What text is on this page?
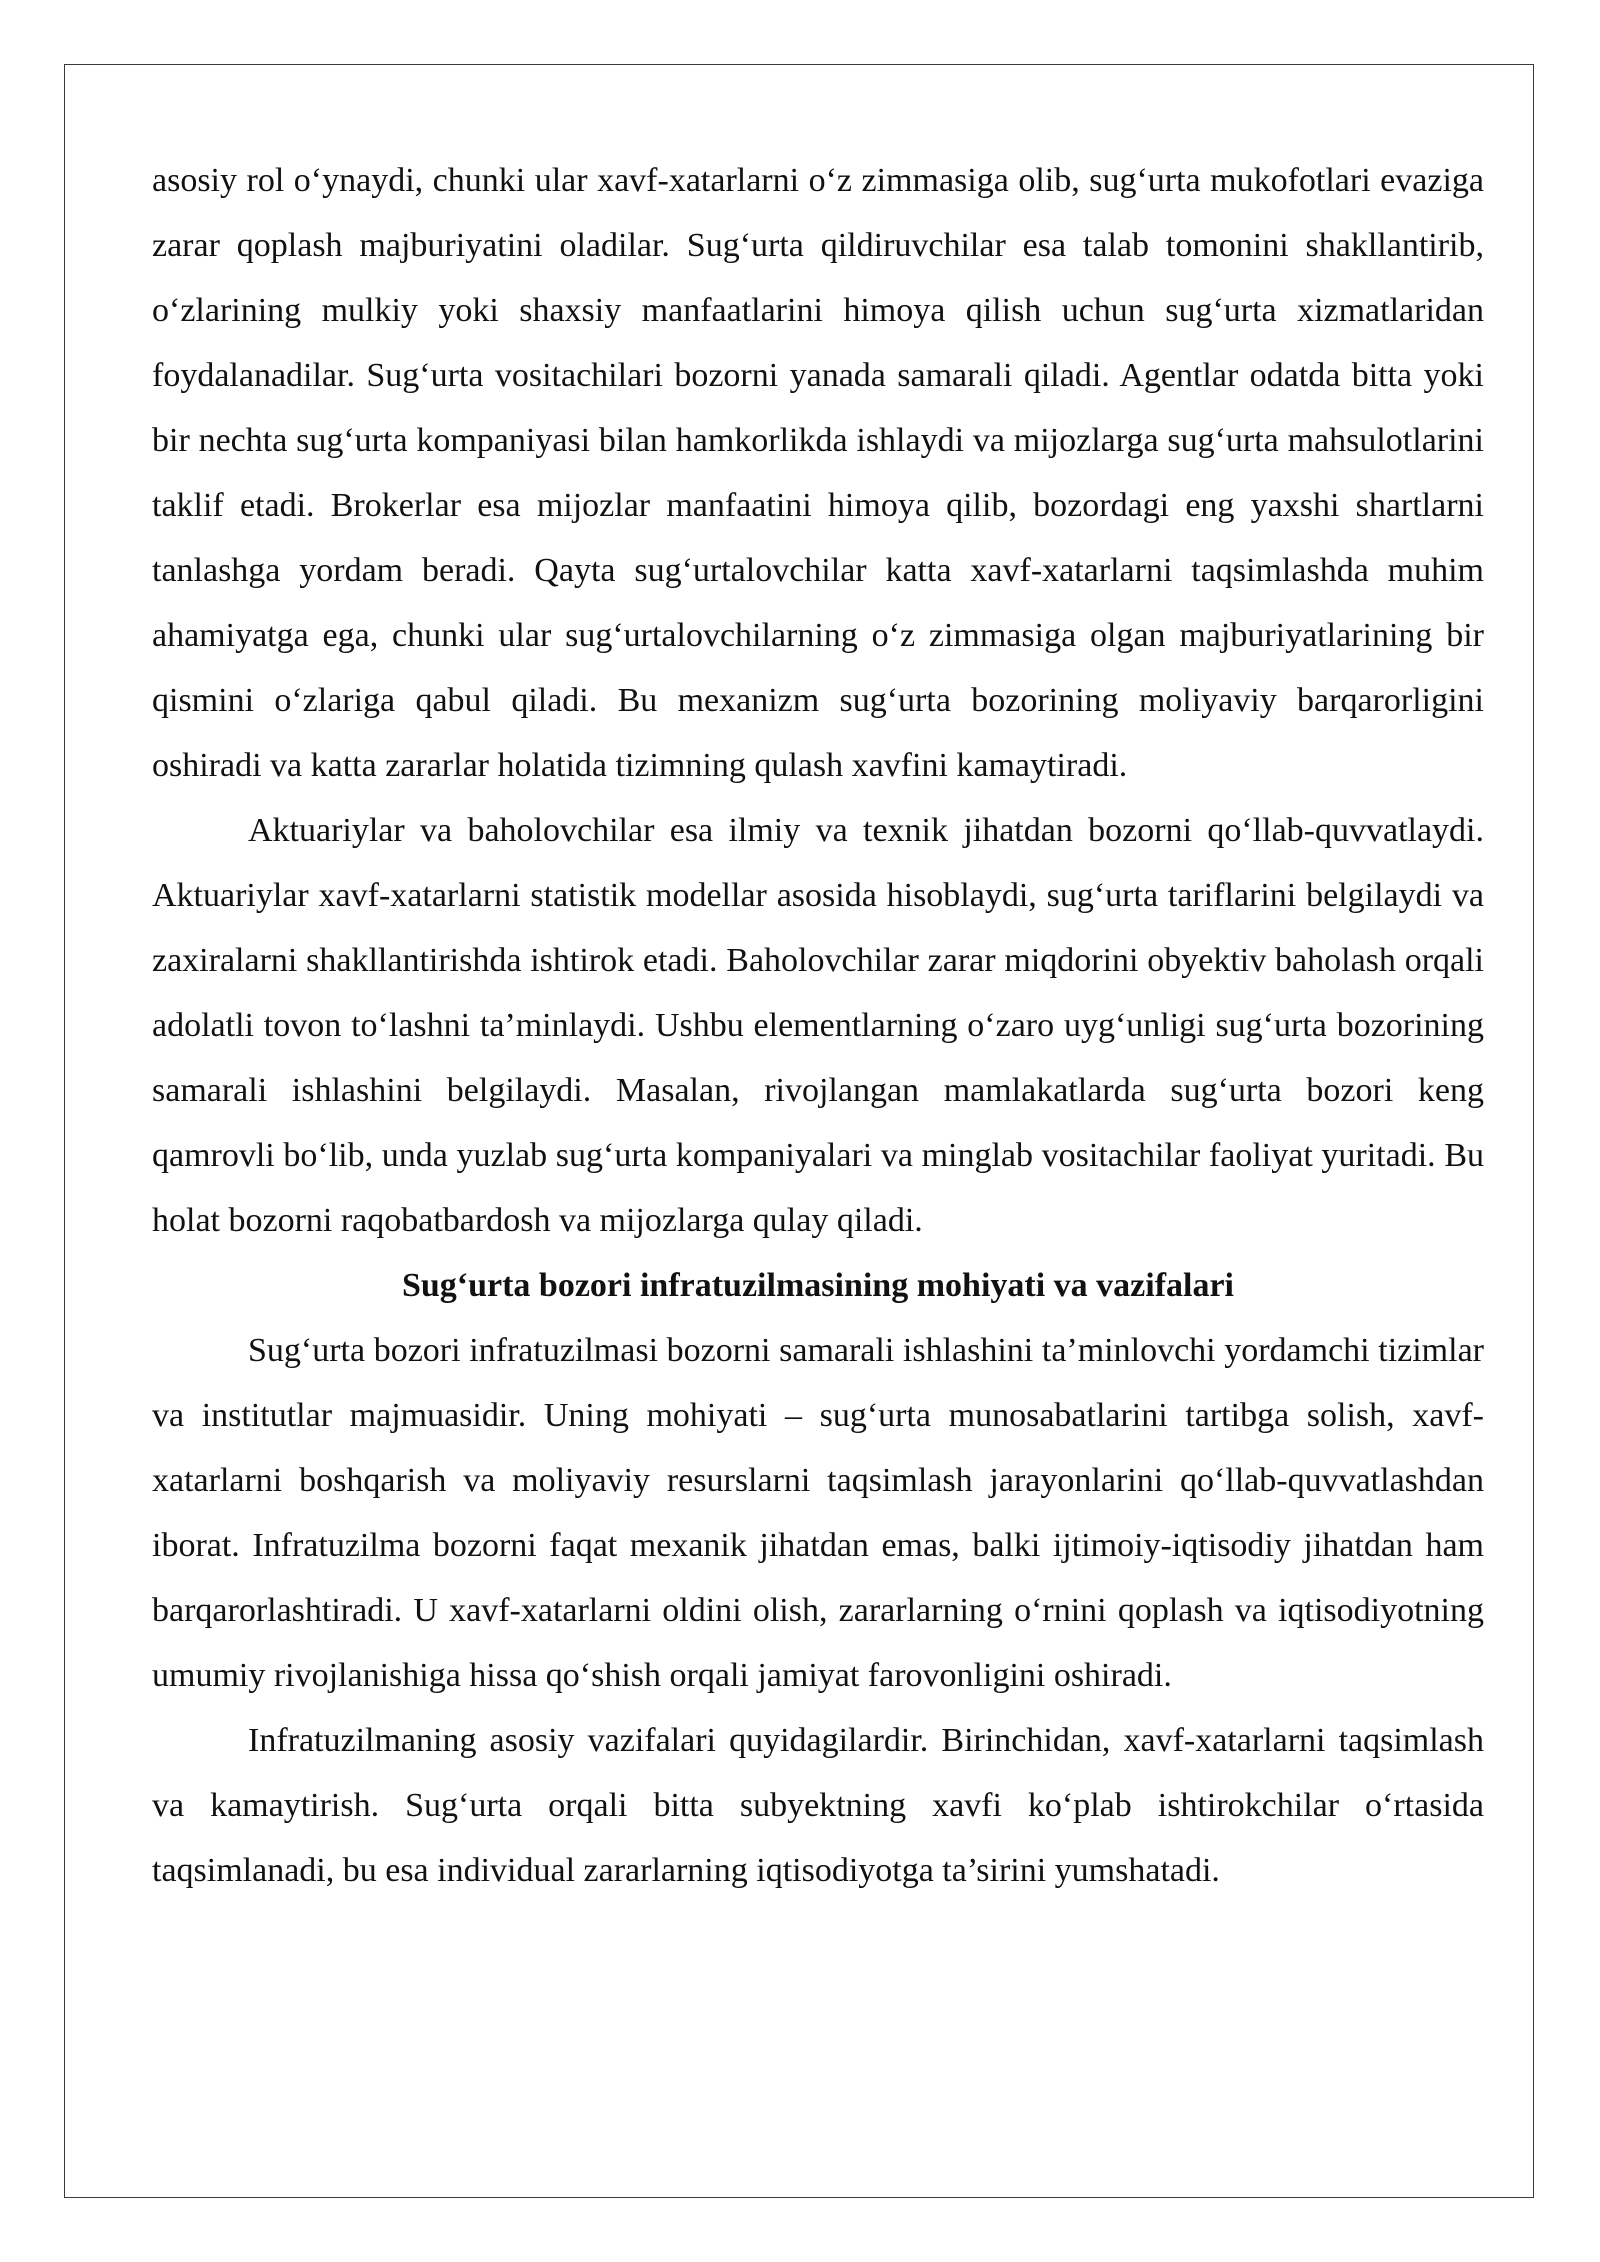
asosiy rol o‘ynaydi, chunki ular xavf-xatarlarni o‘z zimmasiga olib, sug‘urta mukofotlari evaziga zarar qoplash majburiyatini oladilar. Sug‘urta qildiruvchilar esa talab tomonini shakllantirib, o‘zlarining mulkiy yoki shaxsiy manfaatlarini himoya qilish uchun sug‘urta xizmatlaridan foydalanadilar. Sug‘urta vositachilari bozorni yanada samarali qiladi. Agentlar odatda bitta yoki bir nechta sug‘urta kompaniyasi bilan hamkorlikda ishlaydi va mijozlarga sug‘urta mahsulotlarini taklif etadi. Brokerlar esa mijozlar manfaatini himoya qilib, bozordagi eng yaxshi shartlarni tanlashga yordam beradi. Qayta sug‘urtalovchilar katta xavf-xatarlarni taqsimlashda muhim ahamiyatga ega, chunki ular sug‘urtalovchilarning o‘z zimmasiga olgan majburiyatlarining bir qismini o‘zlariga qabul qiladi. Bu mexanizm sug‘urta bozorining moliyaviy barqarorligini oshiradi va katta zararlar holatida tizimning qulash xavfini kamaytiradi.

Aktuariylar va baholovchilar esa ilmiy va texnik jihatdan bozorni qo‘llab-quvvatlaydi. Aktuariylar xavf-xatarlarni statistik modellar asosida hisoblaydi, sug‘urta tariflarini belgilaydi va zaxiralarni shakllantirishda ishtirok etadi. Baholovchilar zarar miqdorini obyektiv baholash orqali adolatli tovon to‘lashni ta’minlaydi. Ushbu elementlarning o‘zaro uyg‘unligi sug‘urta bozorining samarali ishlashini belgilaydi. Masalan, rivojlangan mamlakatlarda sug‘urta bozori keng qamrovli bo‘lib, unda yuzlab sug‘urta kompaniyalari va minglab vositachilar faoliyat yuritadi. Bu holat bozorni raqobatbardosh va mijozlarga qulay qiladi.

Sug‘urta bozori infratuzilmasining mohiyati va vazifalari

Sug‘urta bozori infratuzilmasi bozorni samarali ishlashini ta’minlovchi yordamchi tizimlar va institutlar majmuasidir. Uning mohiyati – sug‘urta munosabatlarini tartibga solish, xavf-xatarlarni boshqarish va moliyaviy resurslarni taqsimlash jarayonlarini qo‘llab-quvvatlashdan iborat. Infratuzilma bozorni faqat mexanik jihatdan emas, balki ijtimoiy-iqtisodiy jihatdan ham barqarorlashtiradi. U xavf-xatarlarni oldini olish, zararlarning o‘rnini qoplash va iqtisodiyotning umumiy rivojlanishiga hissa qo‘shish orqali jamiyat farovonligini oshiradi.

Infratuzilmaning asosiy vazifalari quyidagilardir. Birinchidan, xavf-xatarlarni taqsimlash va kamaytirish. Sug‘urta orqali bitta subyektning xavfi ko‘plab ishtirokchilar o‘rtasida taqsimlanadi, bu esa individual zararlarning iqtisodiyotga ta’sirini yumshatadi.
